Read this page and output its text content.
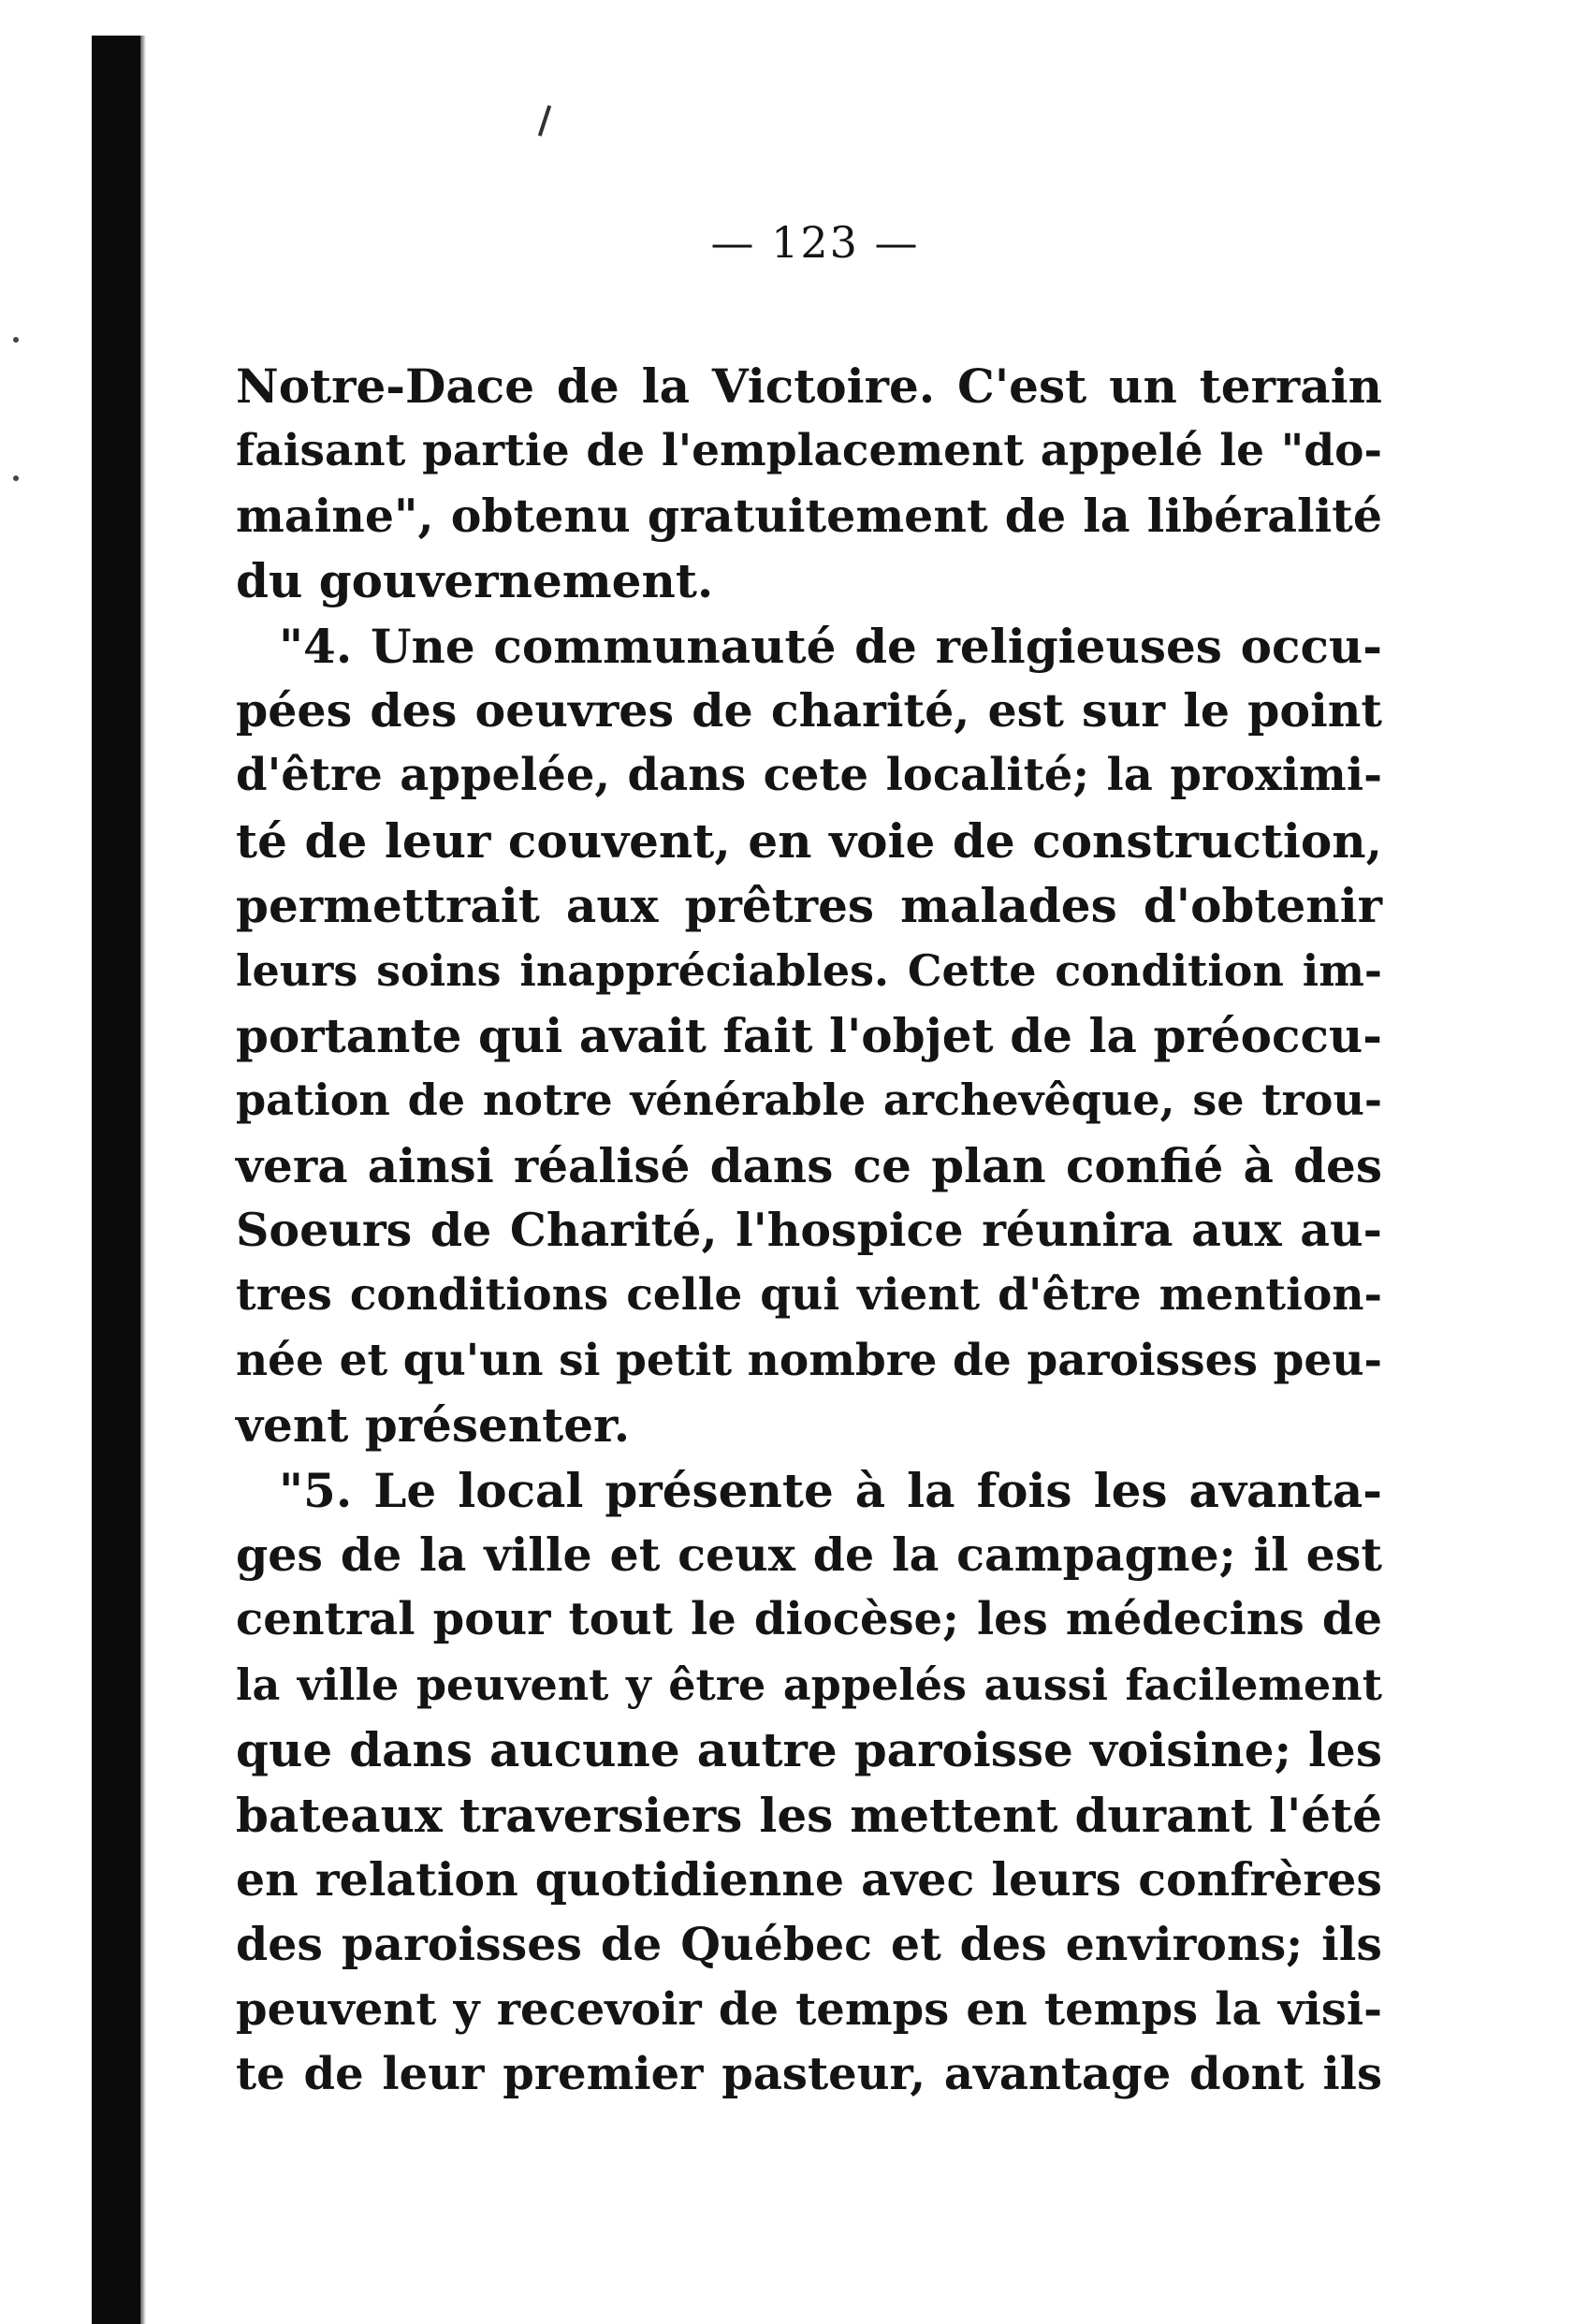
— 123 —
Notre-Dace de la Victoire. C'est un terrain
faisant partie de l'emplacement appelé le "do-
maine", obtenu gratuitement de la libéralité
du gouvernement.
"4. Une communauté de religieuses occu-
pées des oeuvres de charité, est sur le point
d'être appelée, dans cete localité; la proximi-
té de leur couvent, en voie de construction,
permettrait aux prêtres malades d'obtenir
leurs soins inappréciables. Cette condition im-
portante qui avait fait l'objet de la préoccu-
pation de notre vénérable archevêque, se trou-
vera ainsi réalisé dans ce plan confié à des
Soeurs de Charité, l'hospice réunira aux au-
tres conditions celle qui vient d'être mention-
née et qu'un si petit nombre de paroisses peu-
vent présenter.
"5. Le local présente à la fois les avanta-
ges de la ville et ceux de la campagne; il est
central pour tout le diocèse; les médecins de
la ville peuvent y être appelés aussi facilement
que dans aucune autre paroisse voisine; les
bateaux traversiers les mettent durant l'été
en relation quotidienne avec leurs confrères
des paroisses de Québec et des environs; ils
peuvent y recevoir de temps en temps la visi-
te de leur premier pasteur, avantage dont ils
